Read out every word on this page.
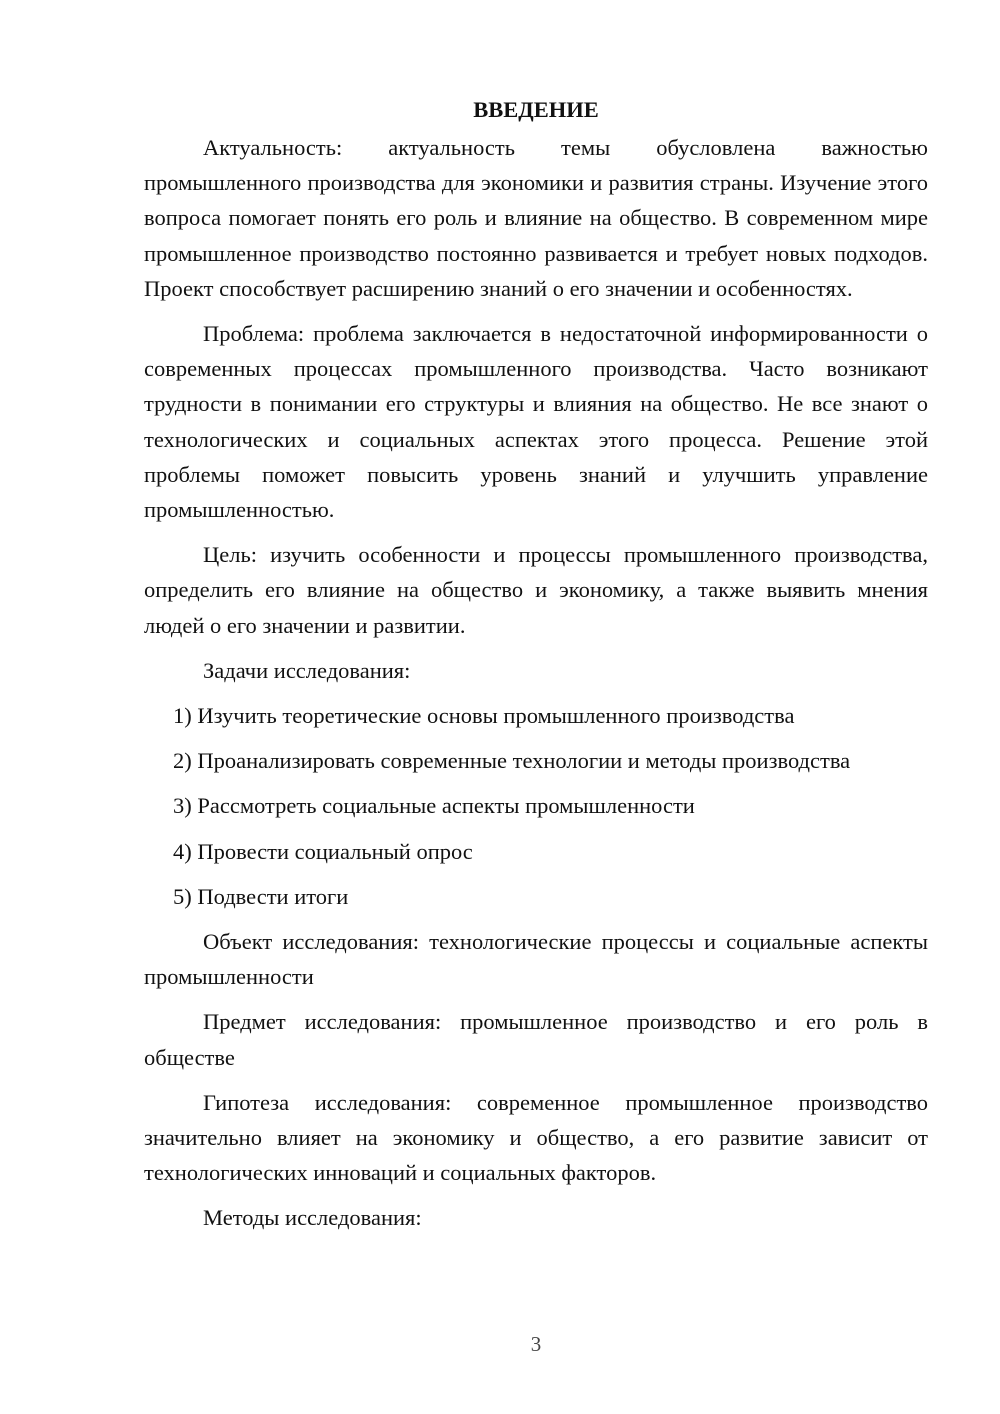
ВВЕДЕНИЕ

Актуальность: актуальность темы обусловлена важностью промышленного производства для экономики и развития страны. Изучение этого вопроса помогает понять его роль и влияние на общество. В современном мире промышленное производство постоянно развивается и требует новых подходов. Проект способствует расширению знаний о его значении и особенностях.

Проблема: проблема заключается в недостаточной информированности о современных процессах промышленного производства. Часто возникают трудности в понимании его структуры и влияния на общество. Не все знают о технологических и социальных аспектах этого процесса. Решение этой проблемы поможет повысить уровень знаний и улучшить управление промышленностью.

Цель: изучить особенности и процессы промышленного производства, определить его влияние на общество и экономику, а также выявить мнения людей о его значении и развитии.

Задачи исследования:

1) Изучить теоретические основы промышленного производства
2) Проанализировать современные технологии и методы производства
3) Рассмотреть социальные аспекты промышленности
4) Провести социальный опрос
5) Подвести итоги

Объект исследования: технологические процессы и социальные аспекты промышленности

Предмет исследования: промышленное производство и его роль в обществе

Гипотеза исследования: современное промышленное производство значительно влияет на экономику и общество, а его развитие зависит от технологических инноваций и социальных факторов.

Методы исследования:

3
